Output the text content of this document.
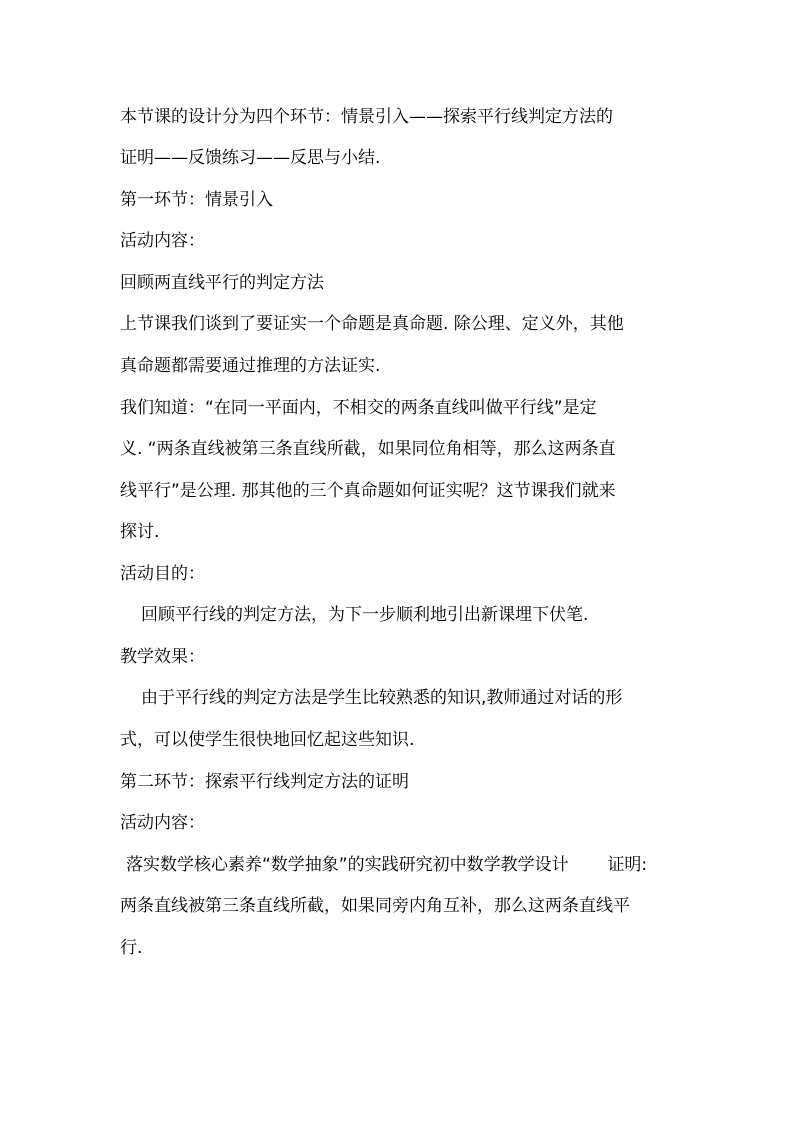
本节课的设计分为四个环节：情景引入——探索平行线判定方法的
证明——反馈练习——反思与小结.
第一环节：情景引入
活动内容：
回顾两直线平行的判定方法
上节课我们谈到了要证实一个命题是真命题. 除公理、定义外，其他
真命题都需要通过推理的方法证实.
我们知道：“在同一平面内，不相交的两条直线叫做平行线”是定
义. “两条直线被第三条直线所截，如果同位角相等，那么这两条直
线平行”是公理. 那其他的三个真命题如何证实呢？这节课我们就来
探讨.
活动目的：
回顾平行线的判定方法，为下一步顺利地引出新课埋下伏笔.
教学效果：
由于平行线的判定方法是学生比较熟悉的知识,教师通过对话的形
式，可以使学生很快地回忆起这些知识.
第二环节：探索平行线判定方法的证明
活动内容：
落实数学核心素养“数学抽象”的实践研究初中数学教学设计 证明:
两条直线被第三条直线所截，如果同旁内角互补，那么这两条直线平
行.
